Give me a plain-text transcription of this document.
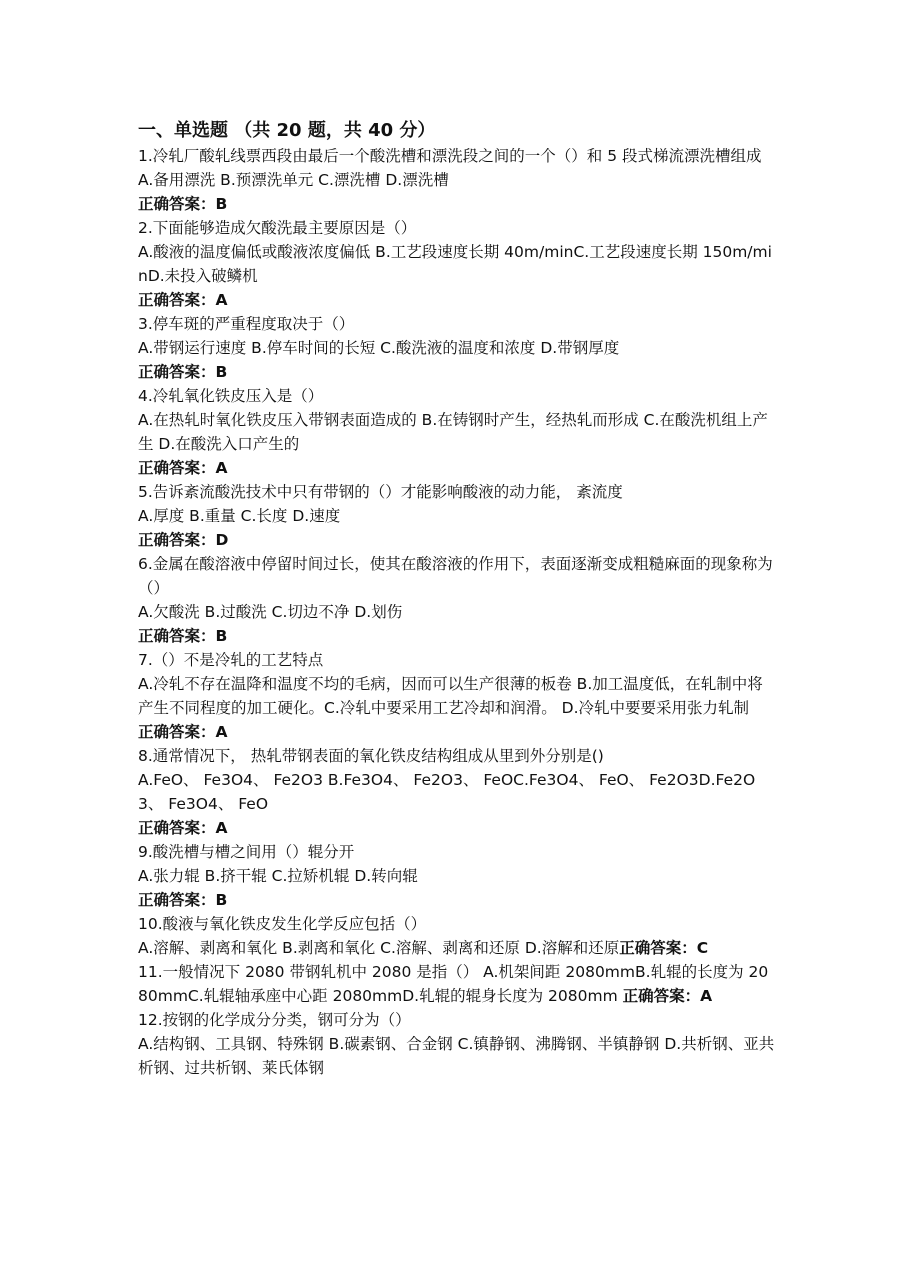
一、单选题 （共 20 题，共 40 分）

1.冷轧厂酸轧线票西段由最后一个酸洗槽和漂洗段之间的一个（）和 5 段式梯流漂洗槽组成

A.备用漂洗 B.预漂洗单元 C.漂洗槽 D.漂洗槽

正确答案：B

2.下面能够造成欠酸洗最主要原因是（）

A.酸液的温度偏低或酸液浓度偏低 B.工艺段速度长期 40m/minC.工艺段速度长期 150m/minD.未投入破鳞机

正确答案：A

3.停车斑的严重程度取决于（）

A.带钢运行速度 B.停车时间的长短 C.酸洗液的温度和浓度 D.带钢厚度

正确答案：B

4.冷轧氧化铁皮压入是（）

A.在热轧时氧化铁皮压入带钢表面造成的 B.在铸钢时产生，经热轧而形成 C.在酸洗机组上产生 D.在酸洗入口产生的

正确答案：A

5.告诉紊流酸洗技术中只有带钢的（）才能影响酸液的动力能， 紊流度

A.厚度 B.重量 C.长度 D.速度

正确答案：D

6.金属在酸溶液中停留时间过长，使其在酸溶液的作用下，表面逐渐变成粗糙麻面的现象称为（）

A.欠酸洗 B.过酸洗 C.切边不净 D.划伤

正确答案：B

7.（）不是冷轧的工艺特点

A.冷轧不存在温降和温度不均的毛病，因而可以生产很薄的板卷 B.加工温度低，在轧制中将产生不同程度的加工硬化。C.冷轧中要采用工艺冷却和润滑。 D.冷轧中要要采用张力轧制

正确答案：A

8.通常情况下， 热轧带钢表面的氧化铁皮结构组成从里到外分别是()

A.FeO、 Fe3O4、 Fe2O3 B.Fe3O4、 Fe2O3、 FeOC.Fe3O4、 FeO、 Fe2O3D.Fe2O3、 Fe3O4、 FeO

正确答案：A

9.酸洗槽与槽之间用（）辊分开

A.张力辊 B.挤干辊 C.拉矫机辊 D.转向辊

正确答案：B

10.酸液与氧化铁皮发生化学反应包括（）

A.溶解、剥离和氧化 B.剥离和氧化 C.溶解、剥离和还原 D.溶解和还原正确答案：C

11.一般情况下 2080 带钢轧机中 2080 是指（） A.机架间距 2080mmB.轧辊的长度为 2080mmC.轧辊轴承座中心距 2080mmD.轧辊的辊身长度为 2080mm 正确答案：A

12.按钢的化学成分分类，钢可分为（）

A.结构钢、工具钢、特殊钢 B.碳素钢、合金钢 C.镇静钢、沸腾钢、半镇静钢 D.共析钢、亚共析钢、过共析钢、莱氏体钢
